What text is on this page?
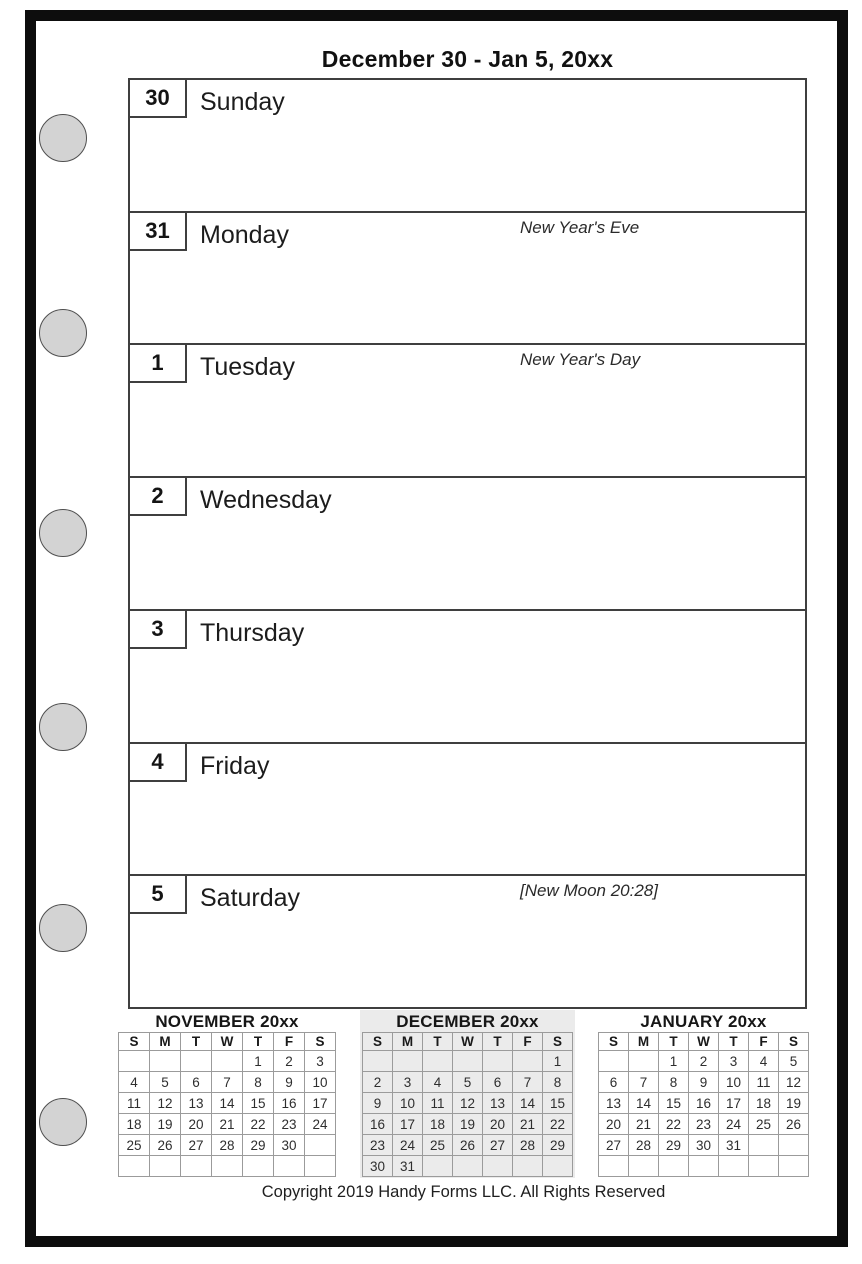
December 30 - Jan 5, 20xx
30 Sunday
31 Monday	New Year's Eve
1 Tuesday	New Year's Day
2 Wednesday
3 Thursday
4 Friday
5 Saturday	[New Moon 20:28]
NOVEMBER 20xx
S	M	T	W	T	F	S
				1	2	3
4	5	6	7	8	9	10
11	12	13	14	15	16	17
18	19	20	21	22	23	24
25	26	27	28	29	30	

DECEMBER 20xx
S	M	T	W	T	F	S
						1
2	3	4	5	6	7	8
9	10	11	12	13	14	15
16	17	18	19	20	21	22
23	24	25	26	27	28	29
30	31					
JANUARY 20xx
S	M	T	W	T	F	S
		1	2	3	4	5
6	7	8	9	10	11	12
13	14	15	16	17	18	19
20	21	22	23	24	25	26
27	28	29	30	31		

Copyright 2019 Handy Forms LLC. All Rights Reserved
